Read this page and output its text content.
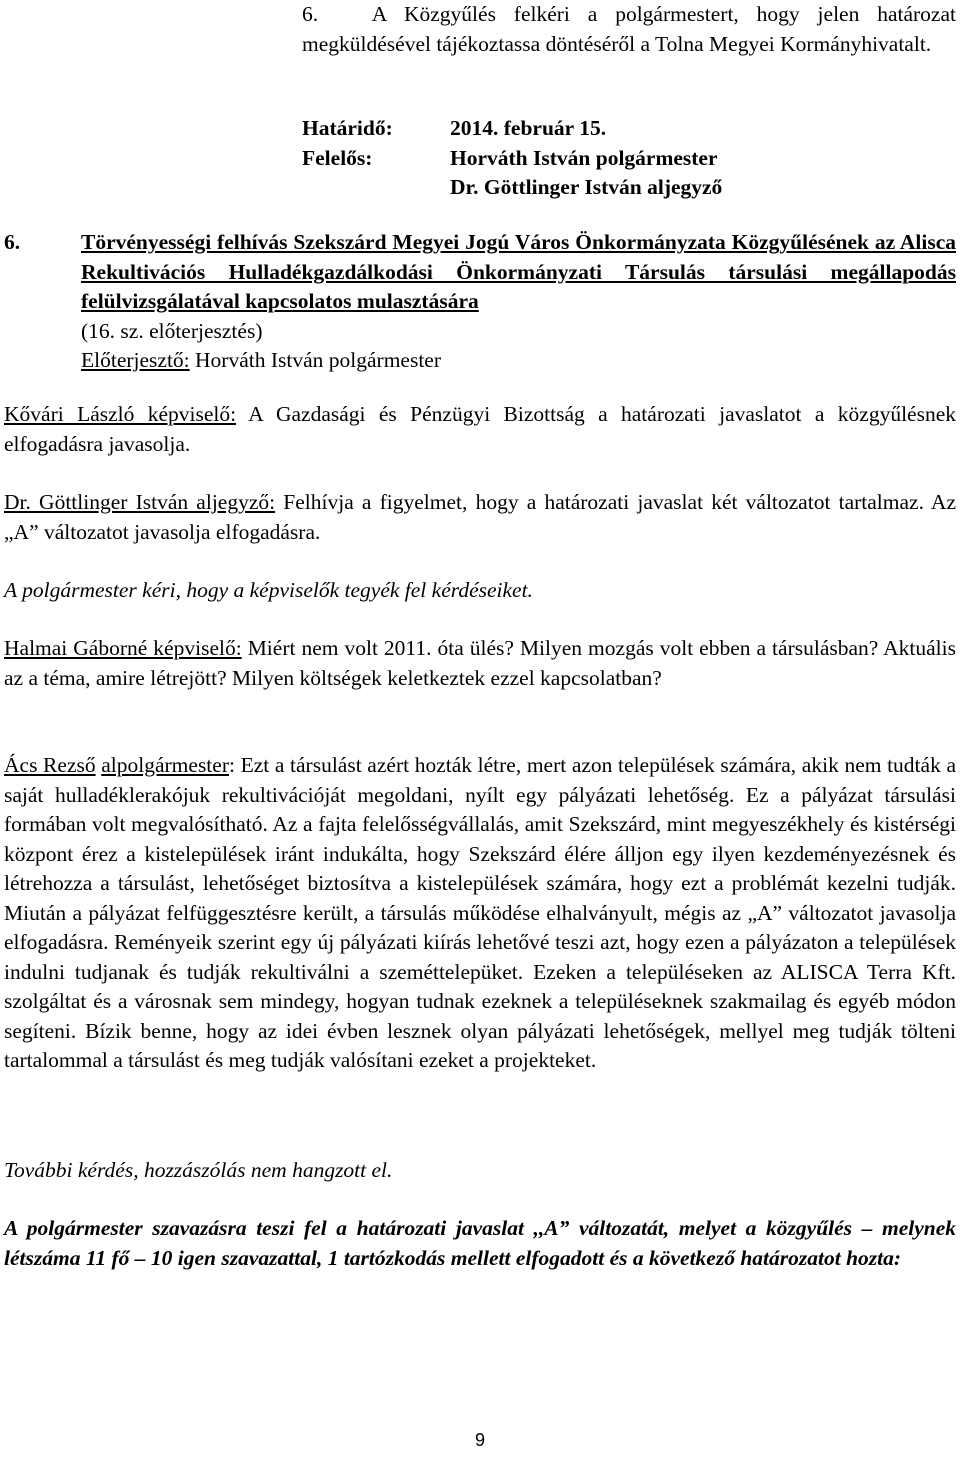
6.   A Közgyűlés felkéri a polgármestert, hogy jelen határozat megküldésével tájékoztassa döntéséről a Tolna Megyei Kormányhivatalt.

Határidő:	2014. február 15.
Felelős:	Horváth István polgármester
Dr. Göttlinger István aljegyző
6.	Törvényességi felhívás Szekszárd Megyei Jogú Város Önkormányzata Közgyűlésének az Alisca Rekultivációs Hulladékgazdálkodási Önkormányzati Társulás társulási megállapodás felülvizsgálatával kapcsolatos mulasztására

(16. sz. előterjesztés)

Előterjesztő: Horváth István polgármester

Kővári László képviselő: A Gazdasági és Pénzügyi Bizottság a határozati javaslatot a közgyűlésnek elfogadásra javasolja.

Dr. Göttlinger István aljegyző: Felhívja a figyelmet, hogy a határozati javaslat két változatot tartalmaz. Az „A” változatot javasolja elfogadásra.

A polgármester kéri, hogy a képviselők tegyék fel kérdéseiket.

Halmai Gáborné képviselő: Miért nem volt 2011. óta ülés? Milyen mozgás volt ebben a társulásban? Aktuális az a téma, amire létrejött? Milyen költségek keletkeztek ezzel kapcsolatban?

Ács Rezső alpolgármester: Ezt a társulást azért hozták létre, mert azon települések számára, akik nem tudták a saját hulladéklerakójuk rekultivációját megoldani, nyílt egy pályázati lehetőség. Ez a pályázat társulási formában volt megvalósítható. Az a fajta felelősségvállalás, amit Szekszárd, mint megyeszékhely és kistérségi központ érez a kistelepülések iránt indukálta, hogy Szekszárd élére álljon egy ilyen kezdeményezésnek és létrehozza a társulást, lehetőséget biztosítva a kistelepülések számára, hogy ezt a problémát kezelni tudják. Miután a pályázat felfüggesztésre került, a társulás működése elhalványult, mégis az „A” változatot javasolja elfogadásra. Reményeik szerint egy új pályázati kiírás lehetővé teszi azt, hogy ezen a pályázaton a települések indulni tudjanak és tudják rekultiválni a szeméttelepüket. Ezeken a településeken az ALISCA Terra Kft. szolgáltat és a városnak sem mindegy, hogyan tudnak ezeknek a településeknek szakmailag és egyéb módon segíteni. Bízik benne, hogy az idei évben lesznek olyan pályázati lehetőségek, mellyel meg tudják tölteni tartalommal a társulást és meg tudják valósítani ezeket a projekteket.

További kérdés, hozzászólás nem hangzott el.

A polgármester szavazásra teszi fel a határozati javaslat ,,A” változatát, melyet a közgyűlés – melynek létszáma 11 fő – 10 igen szavazattal, 1 tartózkodás mellett elfogadott és a következő határozatot hozta:

9
